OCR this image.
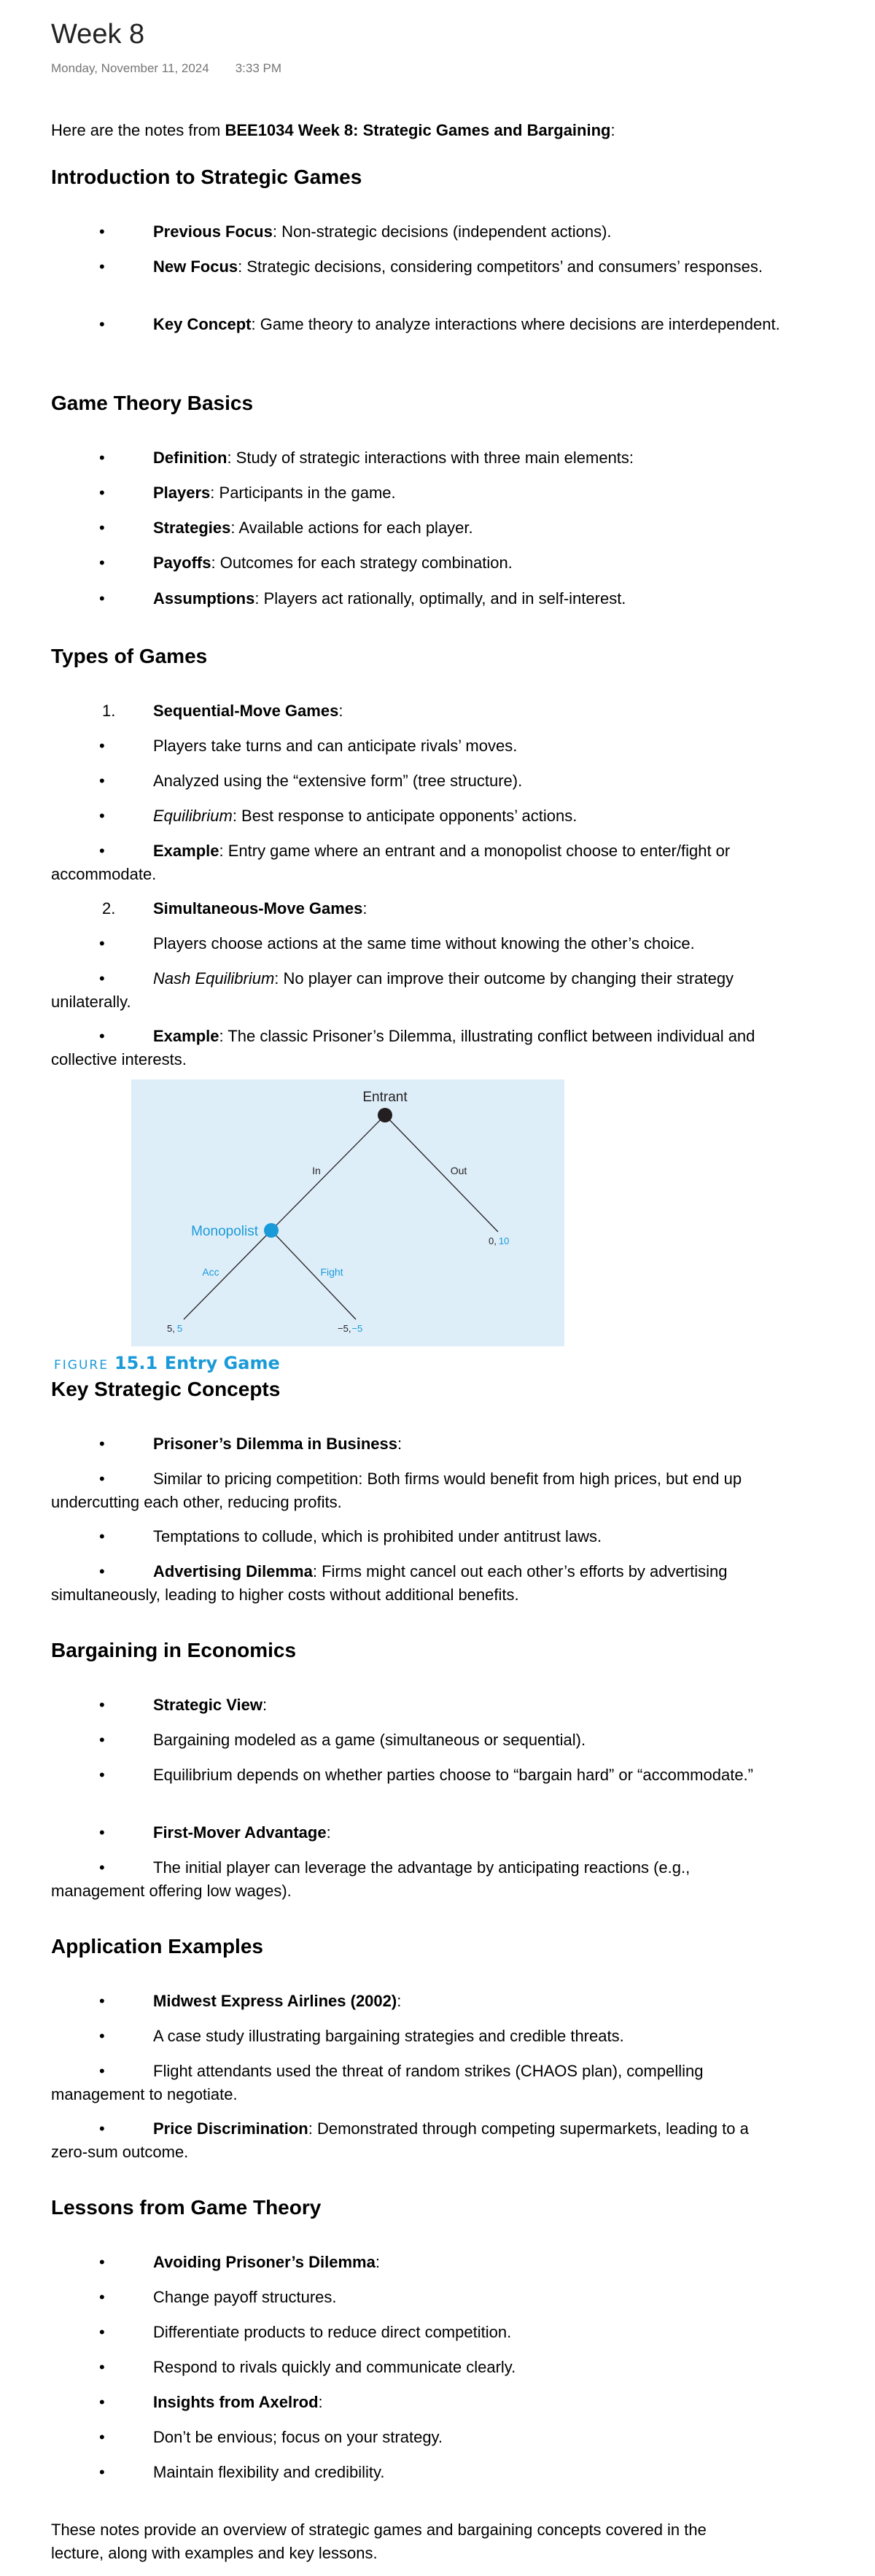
Week 8
Monday, November 11, 2024 3:33 PM
Here are the notes from BEE1034 Week 8: Strategic Games and Bargaining:
Introduction to Strategic Games
•	Previous Focus: Non-strategic decisions (independent actions).
•	New Focus: Strategic decisions, considering competitors’ and consumers’ responses.
•	Key Concept: Game theory to analyze interactions where decisions are interdependent.
Game Theory Basics
•	Definition: Study of strategic interactions with three main elements:
•	Players: Participants in the game.
•	Strategies: Available actions for each player.
•	Payoffs: Outcomes for each strategy combination.
•	Assumptions: Players act rationally, optimally, and in self-interest.
Types of Games
1.	Sequential-Move Games:
•	Players take turns and can anticipate rivals’ moves.
•	Analyzed using the “extensive form” (tree structure).
•	Equilibrium: Best response to anticipate opponents’ actions.
•	Example: Entry game where an entrant and a monopolist choose to enter/fight or accommodate.
2.	Simultaneous-Move Games:
•	Players choose actions at the same time without knowing the other’s choice.
•	Nash Equilibrium: No player can improve their outcome by changing their strategy unilaterally.
•	Example: The classic Prisoner’s Dilemma, illustrating conflict between individual and collective interests.
Entrant
Monopolist
In	Out
Acc	Fight
0, 10
5, 5	−5,−5
Key Strategic Concepts
•	Prisoner’s Dilemma in Business:
•	Similar to pricing competition: Both firms would benefit from high prices, but end up undercutting each other, reducing profits.
•	Temptations to collude, which is prohibited under antitrust laws.
•	Advertising Dilemma: Firms might cancel out each other’s efforts by advertising simultaneously, leading to higher costs without additional benefits.
Bargaining in Economics
•	Strategic View:
•	Bargaining modeled as a game (simultaneous or sequential).
•	Equilibrium depends on whether parties choose to “bargain hard” or “accommodate.”
•	First-Mover Advantage:
•	The initial player can leverage the advantage by anticipating reactions (e.g., management offering low wages).
Application Examples
•	Midwest Express Airlines (2002):
•	A case study illustrating bargaining strategies and credible threats.
•	Flight attendants used the threat of random strikes (CHAOS plan), compelling management to negotiate.
•	Price Discrimination: Demonstrated through competing supermarkets, leading to a zero-sum outcome.
Lessons from Game Theory
•	Avoiding Prisoner’s Dilemma:
•	Change payoff structures.
•	Differentiate products to reduce direct competition.
•	Respond to rivals quickly and communicate clearly.
•	Insights from Axelrod:
•	Don’t be envious; focus on your strategy.
•	Maintain flexibility and credibility.
These notes provide an overview of strategic games and bargaining concepts covered in the lecture, along with examples and key lessons.
FIGURE 15.1 Entry Game
